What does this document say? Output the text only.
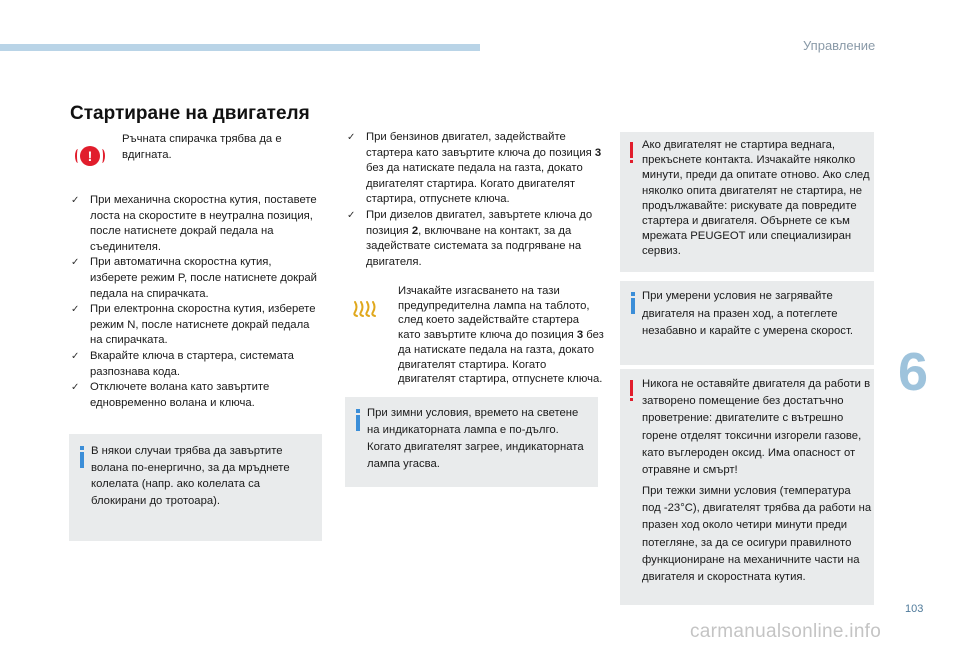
Управление
6
Стартиране на двигателя
!

Ръчната спирачка трябва да е вдигната.

✓ При механична скоростна кутия, поставете лоста на скоростите в неутрална позиция, после натиснете докрай педала на съединителя.
✓ При автоматична скоростна кутия, изберете режим P, после натиснете докрай педала на спирачката.
✓ При електронна скоростна кутия, изберете режим N, после натиснете докрай педала на спирачката.
✓ Вкарайте ключа в стартера, системата разпознава кода.
✓ Отключете волана като завъртите едновременно волана и ключа.

В някои случаи трябва да завъртите волана по-енергично, за да мръднете колелата (напр. ако колелата са блокирани до тротоара).

✓ При бензинов двигател, задействайте стартера като завъртите ключа до позиция 3 без да натискате педала на газта, докато двигателят стартира. Когато двигателят стартира, отпуснете ключа.
✓ При дизелов двигател, завъртете ключа до позиция 2, включване на контакт, за да задействате системата за подгряване на двигателя.

Изчакайте изгасването на тази предупредителна лампа на таблото, след което задействайте стартера като завъртите ключа до позиция 3 без да натискате педала на газта, докато двигателят стартира. Когато двигателят стартира, отпуснете ключа.

При зимни условия, времето на светене на индикаторната лампа е по-дълго. Когато двигателят загрее, индикаторната лампа угасва.

Ако двигателят не стартира веднага, прекъснете контакта. Изчакайте няколко минути, преди да опитате отново. Ако след няколко опита двигателят не стартира, не продължавайте: рискувате да повредите стартера и двигателя. Обърнете се към мрежата PEUGEOT или специализиран сервиз.

При умерени условия не загрявайте двигателя на празен ход, а потеглете незабавно и карайте с умерена скорост.

Никога не оставяйте двигателя да работи в затворено помещение без достатъчно проветрение: двигателите с вътрешно горене отделят токсични изгорели газове, като въглероден оксид. Има опасност от отравяне и смърт!

При тежки зимни условия (температура под -23°C), двигателят трябва да работи на празен ход около четири минути преди потегляне, за да се осигури правилното функциониране на механичните части на двигателя и скоростната кутия.

103
carmanualsonline.info
